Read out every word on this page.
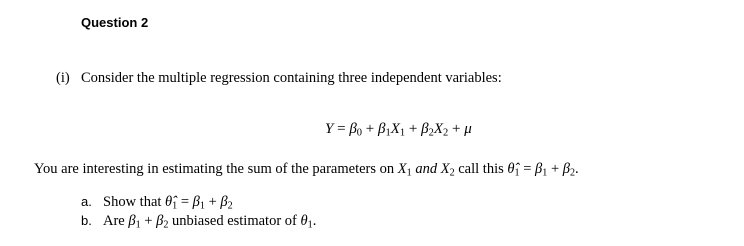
Question 2
(i) Consider the multiple regression containing three independent variables:
$Y = \beta_0 + \beta_1X_1 + \beta_2X_2 + \mu$
You are interesting in estimating the sum of the parameters on $X_1$ and $X_2$ call this $\thetâ_1 = \beta_1 + \beta_2$.
a. Show that $\thetâ_1 = \beta_1 + \beta_2$
b. Are $\beta_1 + \beta_2$ unbiased estimator of $\theta_1$.
